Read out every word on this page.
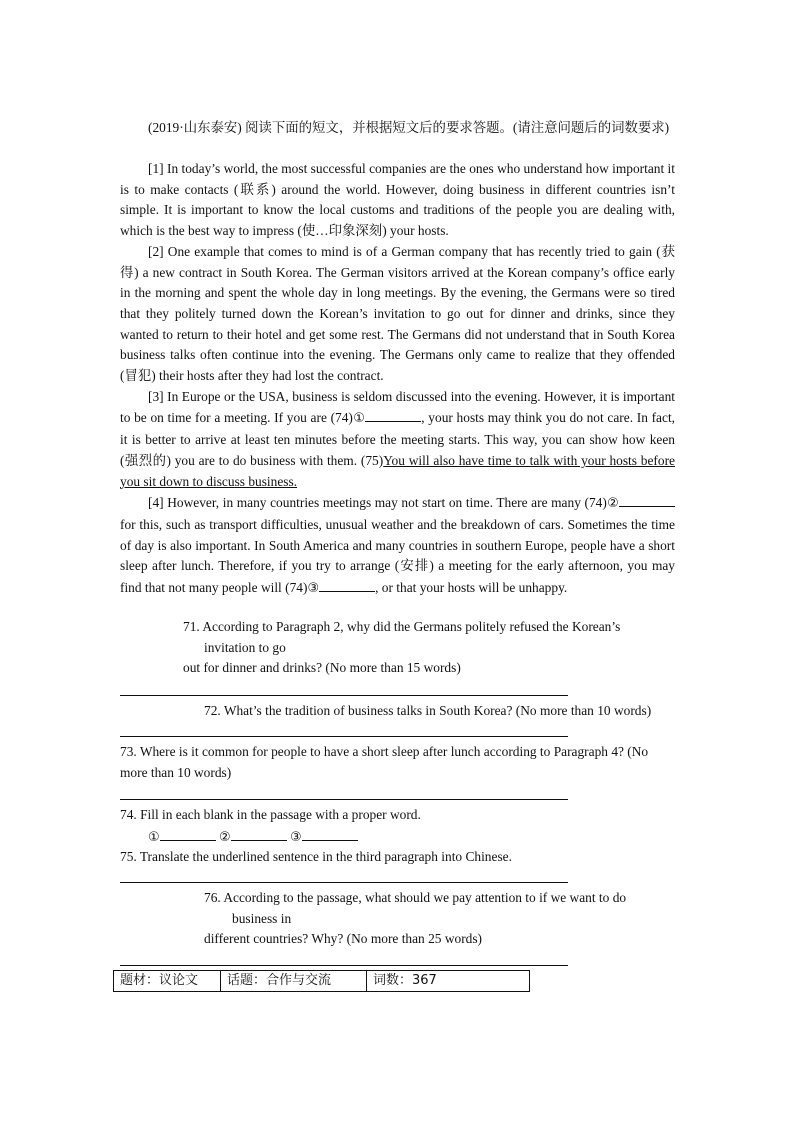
(2019·山东泰安) 阅读下面的短文，并根据短文后的要求答题。(请注意问题后的词数要求)

[1] In today’s world, the most successful companies are the ones who understand how important it is to make contacts (联系) around the world. However, doing business in different countries isn’t simple. It is important to know the local customs and traditions of the people you are dealing with, which is the best way to impress (使…印象深刻) your hosts.

[2] One example that comes to mind is of a German company that has recently tried to gain (获得) a new contract in South Korea. The German visitors arrived at the Korean company’s office early in the morning and spent the whole day in long meetings. By the evening, the Germans were so tired that they politely turned down the Korean’s invitation to go out for dinner and drinks, since they wanted to return to their hotel and get some rest. The Germans did not understand that in South Korea business talks often continue into the evening. The Germans only came to realize that they offended (冒犯) their hosts after they had lost the contract.

[3] In Europe or the USA, business is seldom discussed into the evening. However, it is important to be on time for a meeting. If you are (74)①	, your hosts may think you do not care. In fact, it is better to arrive at least ten minutes before the meeting starts. This way, you can show how keen (强烈的) you are to do business with them. (75)You will also have time to talk with your hosts before you sit down to discuss business.

[4] However, in many countries meetings may not start on time. There are many (74)② for this, such as transport difficulties, unusual weather and the breakdown of cars. Sometimes the time of day is also important. In South America and many countries in southern Europe, people have a short sleep after lunch. Therefore, if you try to arrange (安排) a meeting for the early afternoon, you may find that not many people will (74)③	, or that your hosts will be unhappy.

71. According to Paragraph 2, why did the Germans politely refused the Korean’s
invitation to go
out for dinner and drinks? (No more than 15 words)
72. What’s the tradition of business talks in South Korea? (No more than 10 words)
73. Where is it common for people to have a short sleep after lunch according to Paragraph 4? (No more than 10 words)
74. Fill in each blank in the passage with a proper word.
①	②	③
75. Translate the underlined sentence in the third paragraph into Chinese.
76. According to the passage, what should we pay attention to if we want to do
business in
different countries? Why? (No more than 25 words)
题材：议论文	话题：合作与交流	词数：367
